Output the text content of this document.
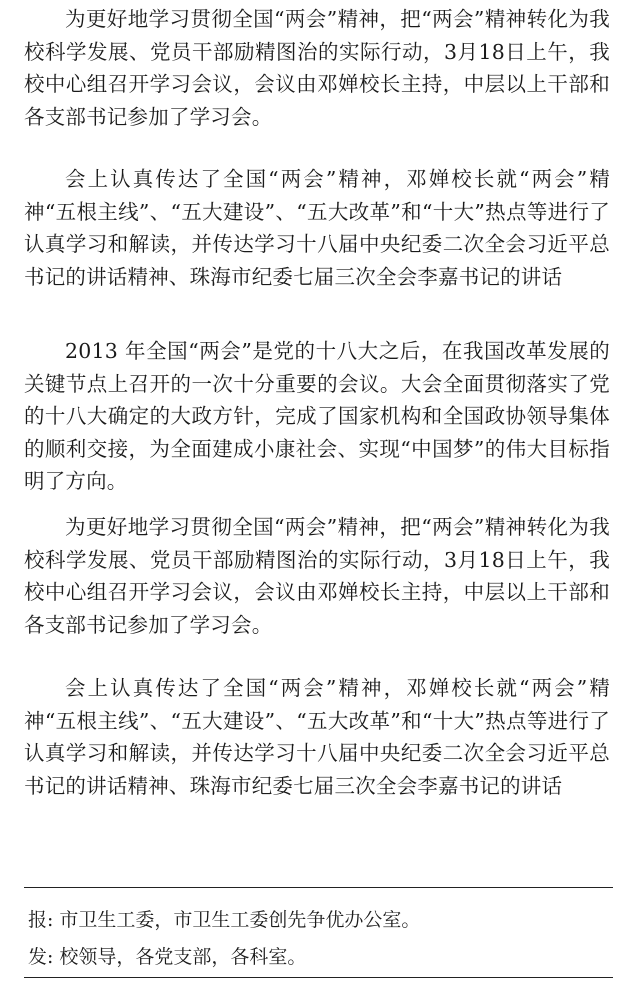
为更好地学习贯彻全国“两会”精神，把“两会”精神转化为我校科学发展、党员干部励精图治的实际行动，3月18日上午，我校中心组召开学习会议，会议由邓婵校长主持，中层以上干部和各支部书记参加了学习会。

会上认真传达了全国“两会”精神，邓婵校长就“两会”精神“五根主线”、“五大建设”、“五大改革”和“十大”热点等进行了认真学习和解读，并传达学习十八届中央纪委二次全会习近平总书记的讲话精神、珠海市纪委七届三次全会李嘉书记的讲话

2013 年全国“两会”是党的十八大之后，在我国改革发展的关键节点上召开的一次十分重要的会议。大会全面贯彻落实了党的十八大确定的大政方针，完成了国家机构和全国政协领导集体的顺利交接，为全面建成小康社会、实现“中国梦”的伟大目标指明了方向。

为更好地学习贯彻全国“两会”精神，把“两会”精神转化为我校科学发展、党员干部励精图治的实际行动，3月18日上午，我校中心组召开学习会议，会议由邓婵校长主持，中层以上干部和各支部书记参加了学习会。

会上认真传达了全国“两会”精神，邓婵校长就“两会”精神“五根主线”、“五大建设”、“五大改革”和“十大”热点等进行了认真学习和解读，并传达学习十八届中央纪委二次全会习近平总书记的讲话精神、珠海市纪委七届三次全会李嘉书记的讲话

报: 市卫生工委，市卫生工委创先争优办公室。
发: 校领导，各党支部，各科室。
